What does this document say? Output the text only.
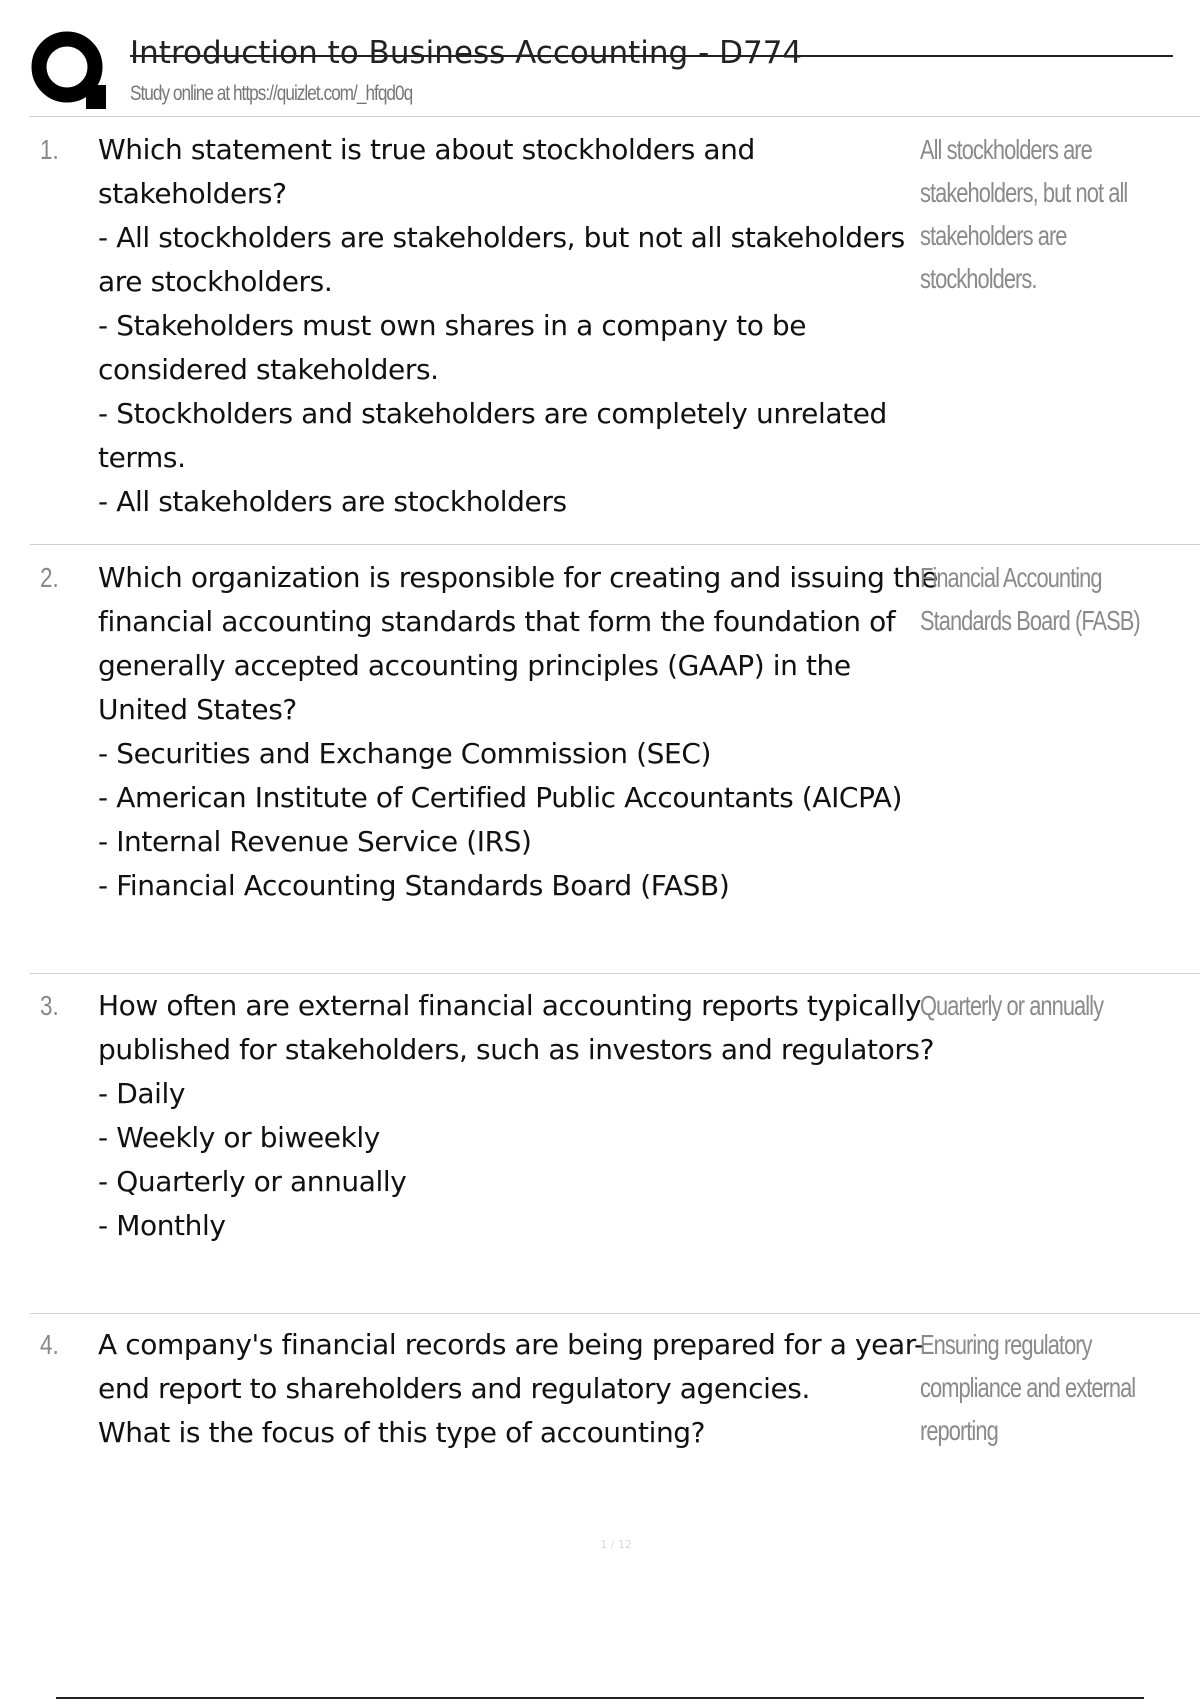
Introduction to Business Accounting - D774
Study online at https://quizlet.com/_hfqd0q
1. Which statement is true about stockholders and stakeholders?
- All stockholders are stakeholders, but not all stakeholders are stockholders.
- Stakeholders must own shares in a company to be considered stakeholders.
- Stockholders and stakeholders are completely unrelated terms.
- All stakeholders are stockholders
All stockholders are stakeholders, but not all stakeholders are stockholders.
2. Which organization is responsible for creating and issuing the financial accounting standards that form the foundation of generally accepted accounting principles (GAAP) in the United States?
- Securities and Exchange Commission (SEC)
- American Institute of Certified Public Accountants (AICPA)
- Internal Revenue Service (IRS)
- Financial Accounting Standards Board (FASB)
Financial Accounting Standards Board (FASB)
3. How often are external financial accounting reports typically published for stakeholders, such as investors and regulators?
- Daily
- Weekly or biweekly
- Quarterly or annually
- Monthly
Quarterly or annually
4. A company's financial records are being prepared for a year-end report to shareholders and regulatory agencies.
What is the focus of this type of accounting?
Ensuring regulatory compliance and external reporting
1 / 12
